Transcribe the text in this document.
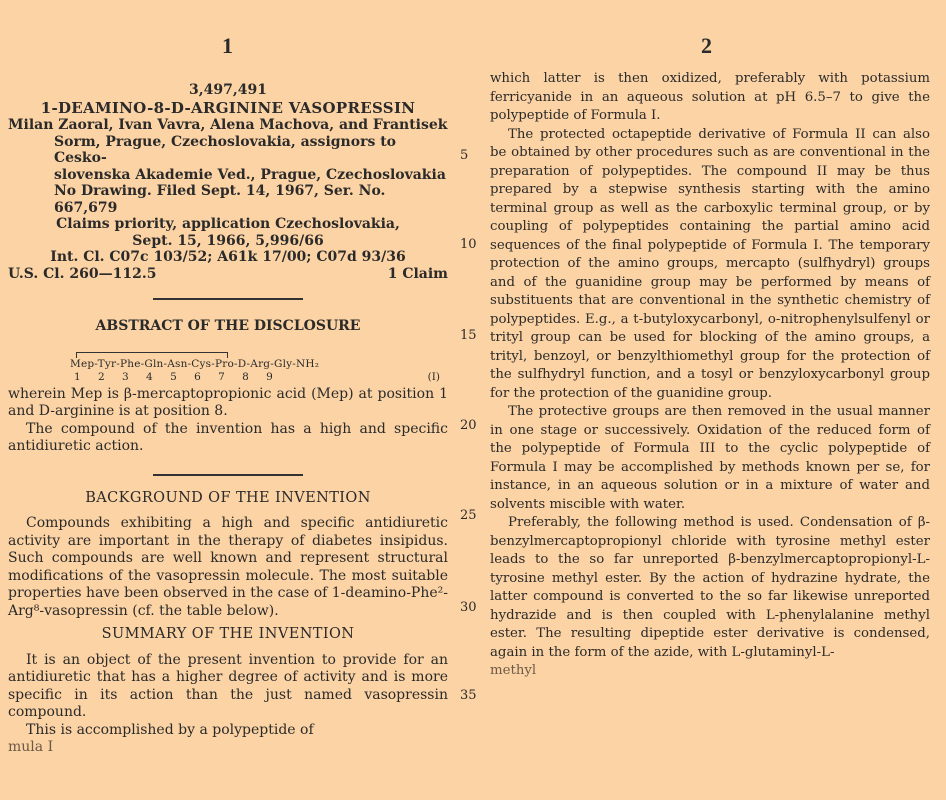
1	2
3,497,491
1-DEAMINO-8-D-ARGININE VASOPRESSIN
Milan Zaoral, Ivan Vavra, Alena Machova, and Frantisek
Sorm, Prague, Czechoslovakia, assignors to Cesko-
slovenska Akademie Ved., Prague, Czechoslovakia
No Drawing. Filed Sept. 14, 1967, Ser. No. 667,679
Claims priority, application Czechoslovakia,
Sept. 15, 1966, 5,996/66
Int. Cl. C07c 103/52; A61k 17/00; C07d 93/36
U.S. Cl. 260—112.5	1 Claim
ABSTRACT OF THE DISCLOSURE
Mep-Tyr-Phe-Gln-Asn-Cys-Pro-D-Arg-Gly-NH₂
1 2 3 4 5 6 7 8 9	(I)

wherein Mep is β-mercaptopropionic acid (Mep) at position 1 and D-arginine is at position 8.

The compound of the invention has a high and specific antidiuretic action.

BACKGROUND OF THE INVENTION

Compounds exhibiting a high and specific antidiuretic activity are important in the therapy of diabetes insipidus. Such compounds are well known and represent structural modifications of the vasopressin molecule. The most suitable properties have been observed in the case of 1-deamino-Phe²-Arg⁸-vasopressin (cf. the table below).

SUMMARY OF THE INVENTION

It is an object of the present invention to provide for an antidiuretic that has a higher degree of activity and is more specific in its action than the just named vasopressin compound.

This is accomplished by a polypeptide of
mula I

5
10
15
20
25
30
35

which latter is then oxidized, preferably with potassium ferricyanide in an aqueous solution at pH 6.5–7 to give the polypeptide of Formula I.

The protected octapeptide derivative of Formula II can also be obtained by other procedures such as are conventional in the preparation of polypeptides. The compound II may be thus prepared by a stepwise synthesis starting with the amino terminal group as well as the carboxylic terminal group, or by coupling of polypeptides containing the partial amino acid sequences of the final polypeptide of Formula I. The temporary protection of the amino groups, mercapto (sulfhydryl) groups and of the guanidine group may be performed by means of substituents that are conventional in the synthetic chemistry of polypeptides. E.g., a t-butyloxycarbonyl, o-nitrophenylsulfenyl or trityl group can be used for blocking of the amino groups, a trityl, benzoyl, or benzylthiomethyl group for the protection of the sulfhydryl function, and a tosyl or benzyloxycarbonyl group for the protection of the guanidine group.

The protective groups are then removed in the usual manner in one stage or successively. Oxidation of the reduced form of the polypeptide of Formula III to the cyclic polypeptide of Formula I may be accomplished by methods known per se, for instance, in an aqueous solution or in a mixture of water and solvents miscible with water.

Preferably, the following method is used. Condensation of β-benzylmercaptopropionyl chloride with tyrosine methyl ester leads to the so far unreported β-benzylmercaptopropionyl-L-tyrosine methyl ester. By the action of hydrazine hydrate, the latter compound is converted to the so far likewise unreported hydrazide and is then coupled with L-phenylalanine methyl ester. The resulting dipeptide ester derivative is condensed, again in the form of the azide, with L-glutaminyl-L-
methyl
